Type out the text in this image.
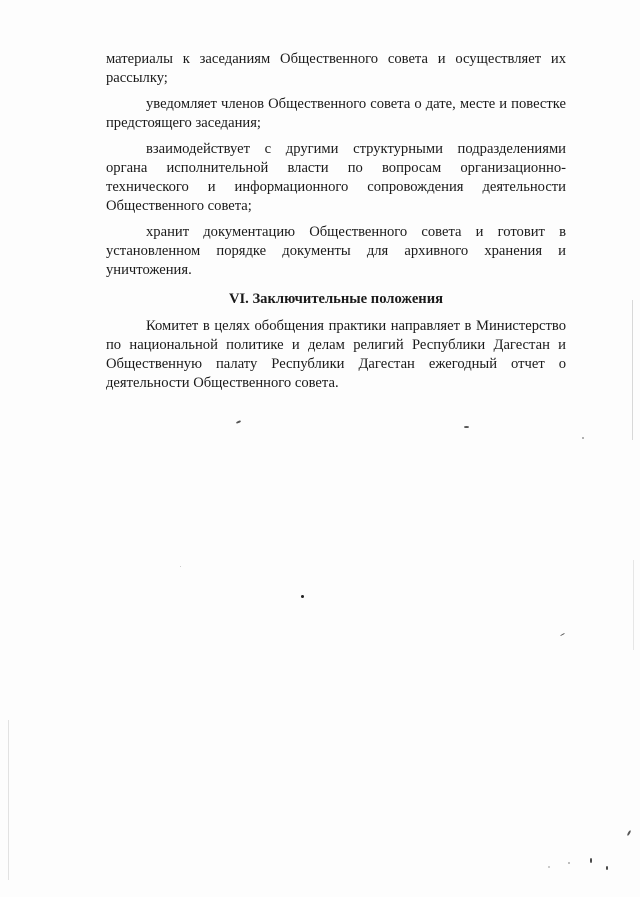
материалы к заседаниям Общественного совета и осуществляет их рассылку;

уведомляет членов Общественного совета о дате, месте и повестке предстоящего заседания;

взаимодействует с другими структурными подразделениями органа исполнительной власти по вопросам организационно-технического и информационного сопровождения деятельности Общественного совета;

хранит документацию Общественного совета и готовит в установленном порядке документы для архивного хранения и уничтожения.

VI. Заключительные положения

Комитет в целях обобщения практики направляет в Министерство по национальной политике и делам религий Республики Дагестан и Общественную палату Республики Дагестан ежегодный отчет о деятельности Общественного совета.
